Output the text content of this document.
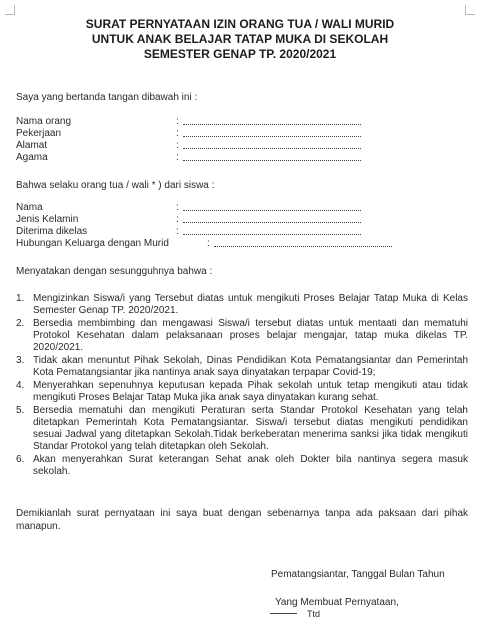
SURAT PERNYATAAN IZIN ORANG TUA / WALI MURID
UNTUK ANAK BELAJAR TATAP MUKA DI SEKOLAH
SEMESTER GENAP TP. 2020/2021
Saya yang bertanda tangan dibawah ini :
Nama orang	:
Pekerjaan	:
Alamat	:
Agama	:
Bahwa selaku orang tua / wali * ) dari siswa :
Nama	:
Jenis Kelamin	:
Diterima dikelas	:
Hubungan Keluarga dengan Murid	:
Menyatakan dengan sesungguhnya bahwa :
1. Mengizinkan Siswa/i yang Tersebut diatas untuk mengikuti Proses Belajar Tatap Muka di Kelas Semester Genap TP. 2020/2021.
2. Bersedia membimbing dan mengawasi Siswa/i tersebut diatas untuk mentaati dan mematuhi Protokol Kesehatan dalam pelaksanaan proses belajar mengajar, tatap muka dikelas TP. 2020/2021.
3. Tidak akan menuntut Pihak Sekolah, Dinas Pendidikan Kota Pematangsiantar dan Pemerintah Kota Pematangsiantar jika nantinya anak saya dinyatakan terpapar Covid-19;
4. Menyerahkan sepenuhnya keputusan kepada Pihak sekolah untuk tetap mengikuti atau tidak mengikuti Proses Belajar Tatap Muka jika anak saya dinyatakan kurang sehat.
5. Bersedia mematuhi dan mengikuti Peraturan serta Standar Protokol Kesehatan yang telah ditetapkan Pemerintah Kota Pematangsiantar. Siswa/i tersebut diatas mengikuti pendidikan sesuai Jadwal yang ditetapkan Sekolah.Tidak berkeberatan menerima sanksi jika tidak mengikuti Standar Protokol yang telah ditetapkan oleh Sekolah.
6. Akan menyerahkan Surat keterangan Sehat anak oleh Dokter bila nantinya segera masuk sekolah.
Demikianlah surat pernyataan ini saya buat dengan sebenarnya tanpa ada paksaan dari pihak manapun.
Pematangsiantar, Tanggal Bulan Tahun
Yang Membuat Pernyataan,
Ttd
